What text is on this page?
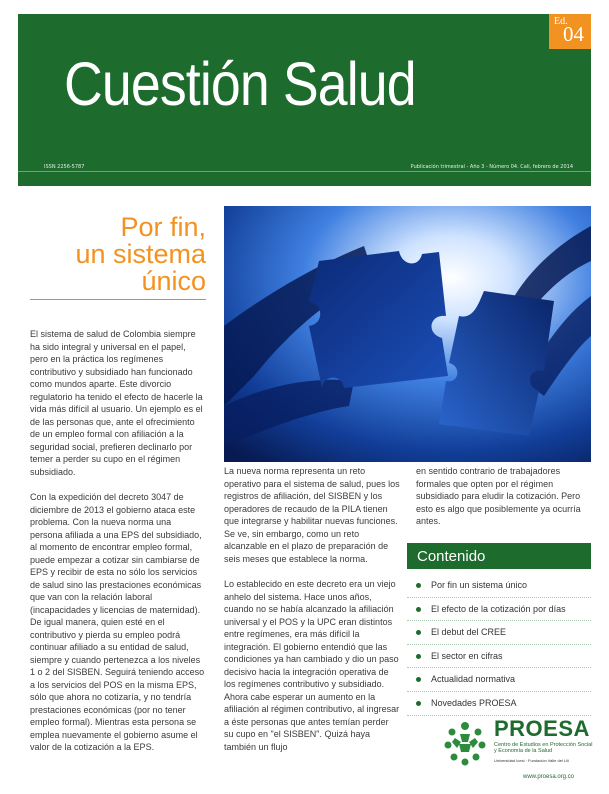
Cuestión Salud
ISSN 2256-5787	Publicación trimestral - Año 3 - Número 04. Cali, febrero de 2014
Ed.
04
Por fin,
un sistema
único

El sistema de salud de Colombia siempre ha sido integral y universal en el papel, pero en la práctica los regímenes contributivo y subsidiado han funcionado como mundos aparte. Este divorcio regulatorio ha tenido el efecto de hacerle la vida más difícil al usuario. Un ejemplo es el de las personas que, ante el ofrecimiento de un empleo formal con afiliación a la seguridad social, prefieren declinarlo por temer a perder su cupo en el régimen subsidiado.

Con la expedición del decreto 3047 de diciembre de 2013 el gobierno ataca este problema. Con la nueva norma una persona afiliada a una EPS del subsidiado, al momento de encontrar empleo formal, puede empezar a cotizar sin cambiarse de EPS y recibir de esta no sólo los servicios de salud sino las prestaciones económicas que van con la relación laboral (incapacidades y licencias de maternidad). De igual manera, quien esté en el contributivo y pierda su empleo podrá continuar afiliado a su entidad de salud, siempre y cuando pertenezca a los niveles 1 o 2 del SISBEN. Seguirá teniendo acceso a los servicios del POS en la misma EPS, sólo que ahora no cotizaría, y no tendría prestaciones económicas (por no tener empleo formal). Mientras esta persona se emplea nuevamente el gobierno asume el valor de la cotización a la EPS.

La nueva norma representa un reto operativo para el sistema de salud, pues los registros de afiliación, del SISBEN y los operadores de recaudo de la PILA tienen que integrarse y habilitar nuevas funciones. Se ve, sin embargo, como un reto alcanzable en el plazo de preparación de seis meses que establece la norma.

Lo establecido en este decreto era un viejo anhelo del sistema. Hace unos años, cuando no se había alcanzado la afiliación universal y el POS y la UPC eran distintos entre regímenes, era más difícil la integración. El gobierno entendió que las condiciones ya han cambiado y dio un paso decisivo hacia la integración operativa de los regímenes contributivo y subsidiado. Ahora cabe esperar un aumento en la afiliación al régimen contributivo, al ingresar a éste personas que antes temían perder su cupo en "el SISBEN". Quizá haya también un flujo

en sentido contrario de trabajadores formales que opten por el régimen subsidiado para eludir la cotización. Pero esto es algo que posiblemente ya ocurría antes.

Contenido
Por fin un sistema único
El efecto de la cotización por días
El debut del CREE
El sector en cifras
Actualidad normativa
Novedades PROESA
PROESA
Centro de Estudios en Protección Social y Economía de la Salud
Universidad Icesi · Fundación Valle del Lili
www.proesa.org.co
